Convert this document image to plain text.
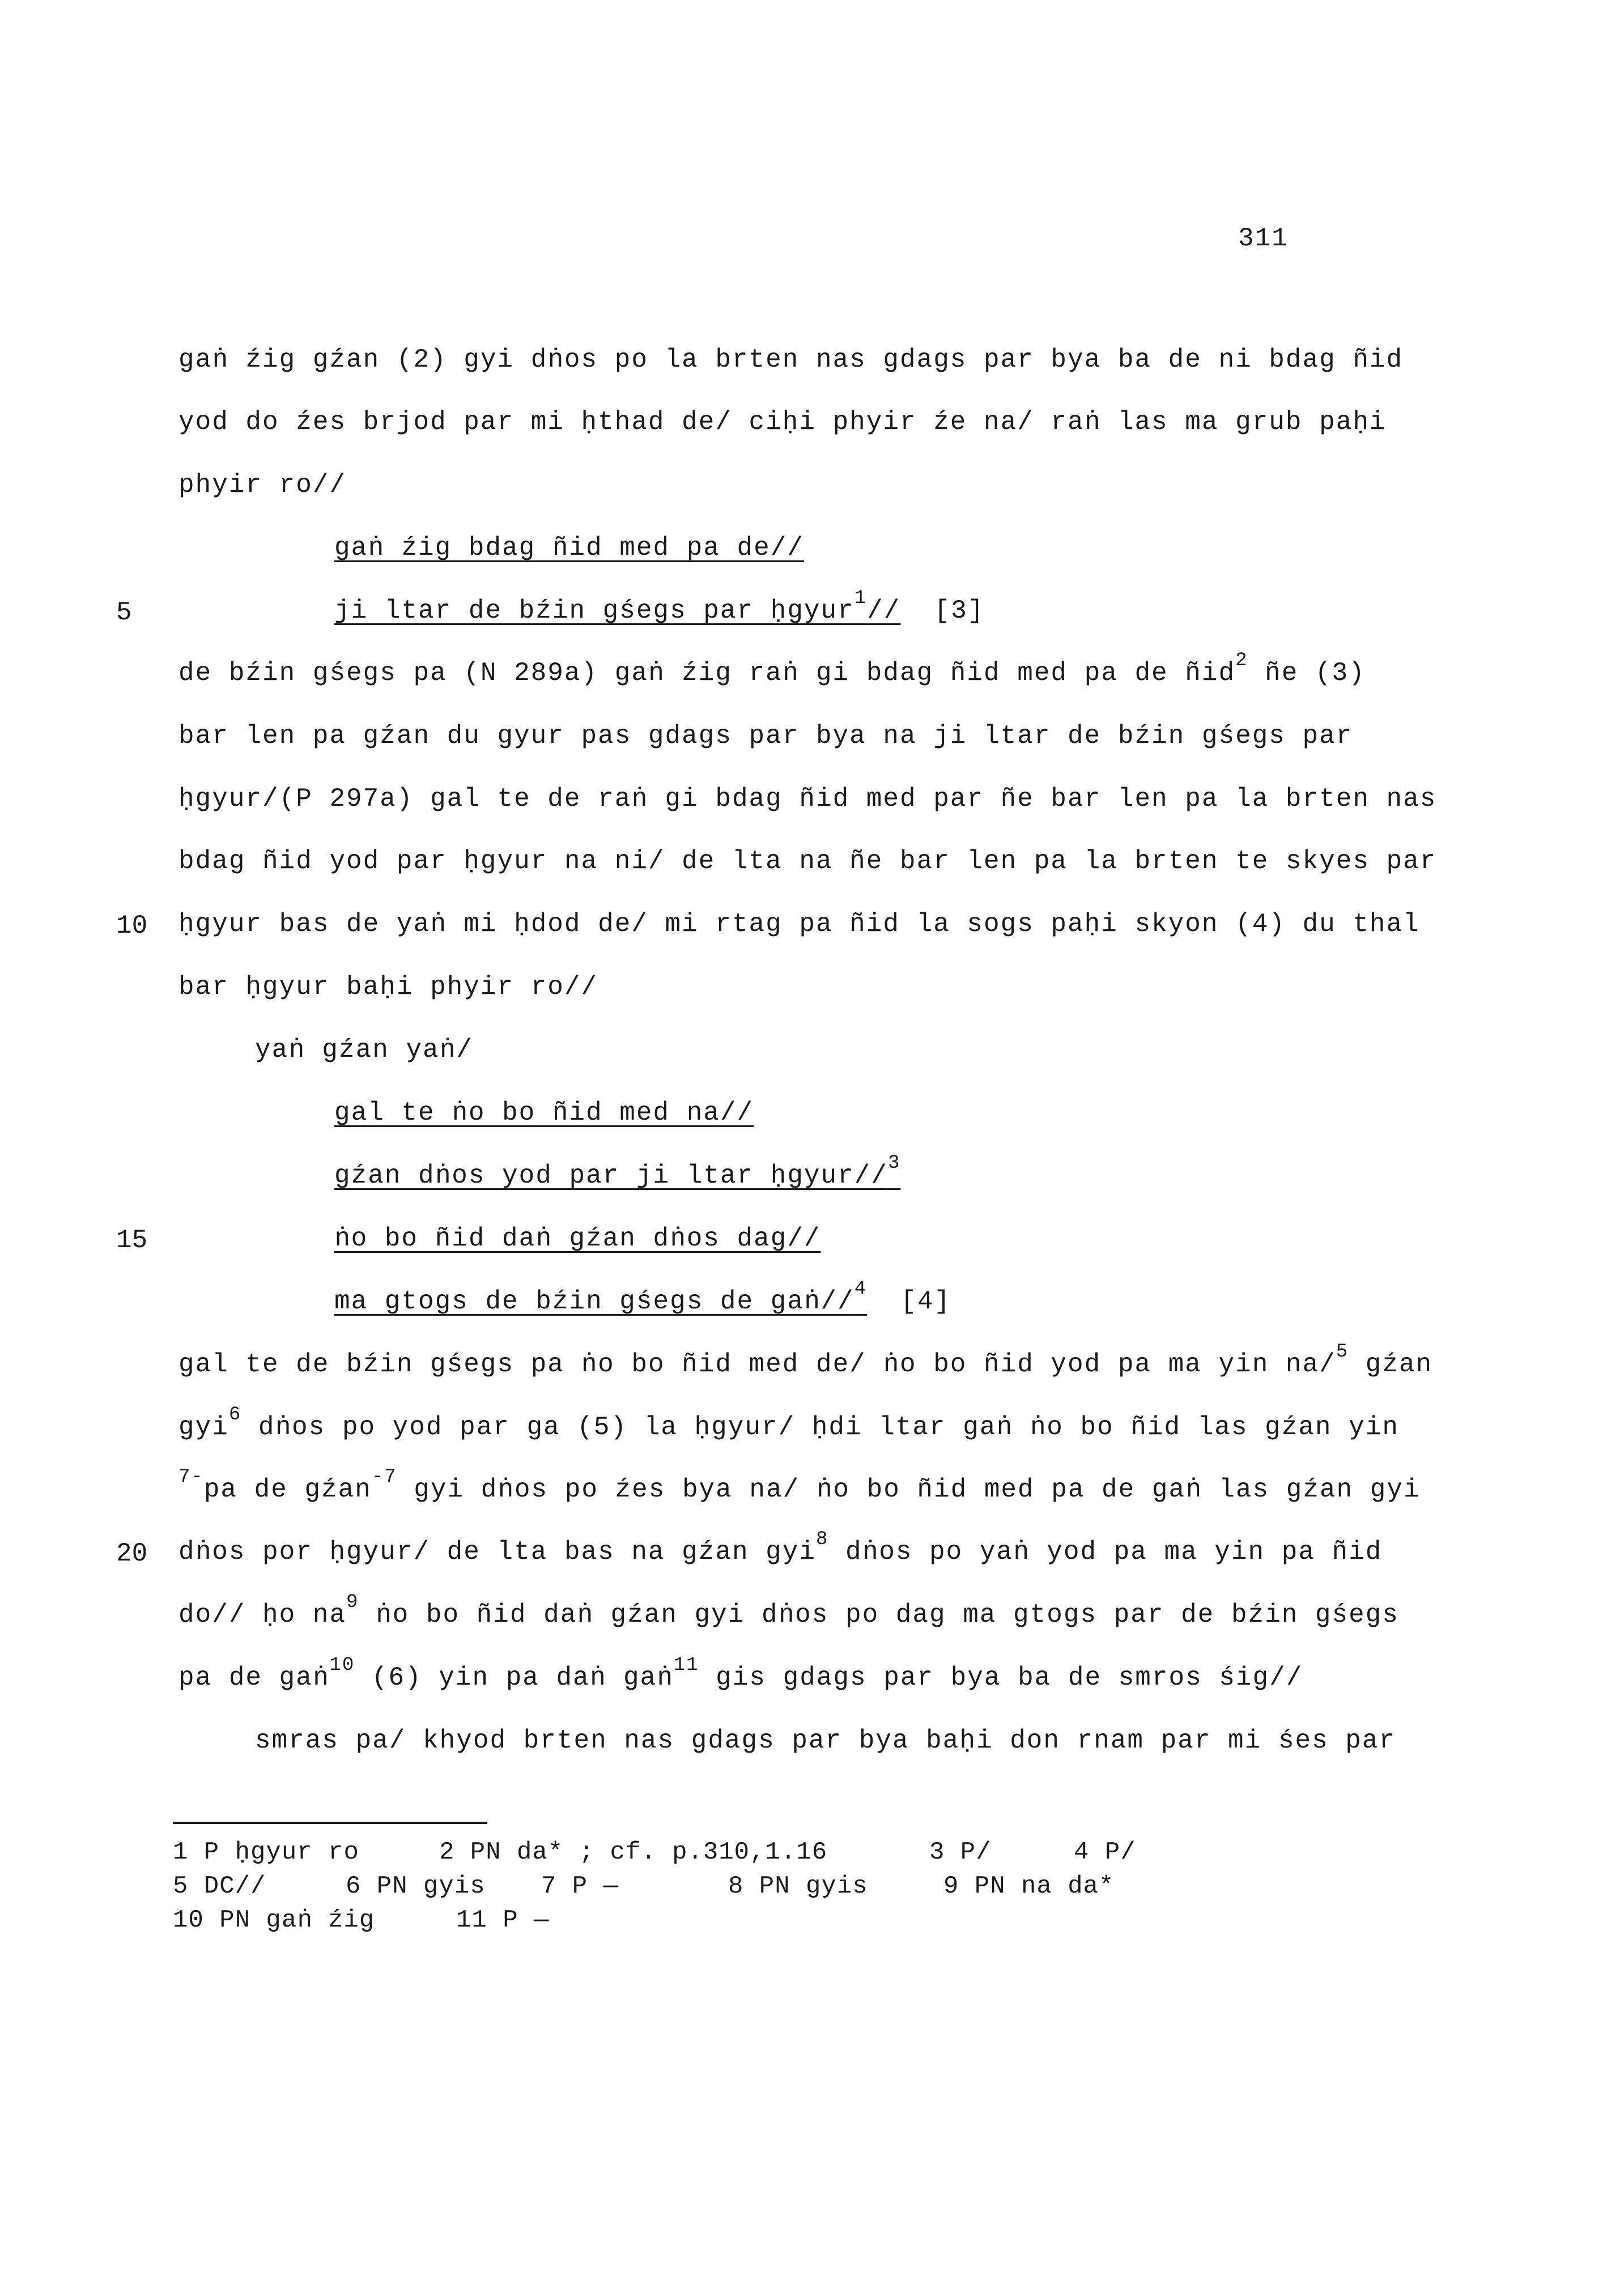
311
5
10
15
20
gaṅ źig gźan (2) gyi dṅos po la brten nas gdags par bya ba de ni bdag ñid
yod do źes brjod par mi ḥthad de/ ciḥi phyir źe na/ raṅ las ma grub paḥi
phyir ro//
gaṅ źig bdag ñid med pa de//
ji ltar de bźin gśegs par ḥgyur$^1$// [3]
de bźin gśegs pa (N 289a) gaṅ źig raṅ gi bdag ñid med pa de ñid$^2$ ñe (3)
bar len pa gźan du gyur pas gdags par bya na ji ltar de bźin gśegs par
ḥgyur/(P 297a) gal te de raṅ gi bdag ñid med par ñe bar len pa la brten nas
bdag ñid yod par ḥgyur na ni/ de lta na ñe bar len pa la brten te skyes par
ḥgyur bas de yaṅ mi ḥdod de/ mi rtag pa ñid la sogs paḥi skyon (4) du thal
bar ḥgyur baḥi phyir ro//
yaṅ gźan yaṅ/
gal te ṅo bo ñid med na//
gźan dṅos yod par ji ltar ḥgyur//$^3$
ṅo bo ñid daṅ gźan dṅos dag//
ma gtogs de bźin gśegs de gaṅ//$^4$ [4]
gal te de bźin gśegs pa ṅo bo ñid med de/ ṅo bo ñid yod pa ma yin na/$^5$ gźan
gyi$^6$ dṅos po yod par ga (5) la ḥgyur/ ḥdi ltar gaṅ ṅo bo ñid las gźan yin
$^{7-}$pa de gźan$^{-7}$ gyi dṅos po źes bya na/ ṅo bo ñid med pa de gaṅ las gźan gyi
dṅos por ḥgyur/ de lta bas na gźan gyi$^8$ dṅos po yaṅ yod pa ma yin pa ñid
do// ḥo $na^9$ ṅo bo ñid daṅ gźan gyi dṅos po dag ma gtogs par de bźin gśegs
pa de gaṅ$^{10}$ (6) yin pa daṅ gaṅ$^{11}$ gis gdags par bya ba de smros śig//
smras pa/ khyod brten nas gdags par bya baḥi don rnam par mi śes par
1 P ḥgyur ro	2 PN da* ; cf. p.310,1.16	3 P/	4 P/
5 DC//	6 PN gyis 7 P —	8 PN gyis	9 PN na da*
10 PN gaṅ źig	11 P —
